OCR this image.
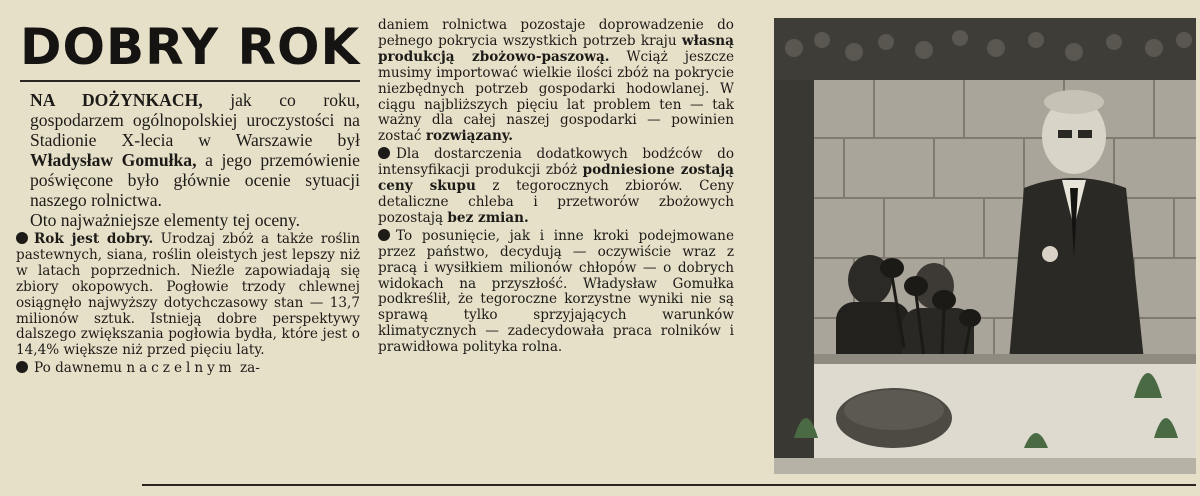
DOBRY ROK

NA DOŻYNKACH, jak co roku, gospodarzem ogólnopolskiej uroczystości na Stadionie X-lecia w Warszawie był Władysław Gomułka, a jego przemówienie poświęcone było głównie ocenie sytuacji naszego rolnictwa.

Oto najważniejsze elementy tej oceny.

Rok jest dobry. Urodzaj zbóż a także roślin pastewnych, siana, roślin oleistych jest lepszy niż w latach poprzednich. Nieźle zapowiadają się zbiory okopowych. Pogłowie trzody chlewnej osiągnęło najwyższy dotychczasowy stan — 13,7 milionów sztuk. Istnieją dobre perspektywy dalszego zwiększania pogłowia bydła, które jest o 14,4% większe niż przed pięciu laty.

Po dawnemu naczelnym za-

daniem rolnictwa pozostaje doprowadzenie do pełnego pokrycia wszystkich potrzeb kraju własną produkcją zbożowo-paszową. Wciąż jeszcze musimy importować wielkie ilości zbóż na pokrycie niezbędnych potrzeb gospodarki hodowlanej. W ciągu najbliższych pięciu lat problem ten — tak ważny dla całej naszej gospodarki — powinien zostać rozwiązany.

Dla dostarczenia dodatkowych bodźców do intensyfikacji produkcji zbóż podniesione zostają ceny skupu z tegorocznych zbiorów. Ceny detaliczne chleba i przetworów zbożowych pozostają bez zmian.

To posunięcie, jak i inne kroki podejmowane przez państwo, decydują — oczywiście wraz z pracą i wysiłkiem milionów chłopów — o dobrych widokach na przyszłość. Władysław Gomułka podkreślił, że tegoroczne korzystne wyniki nie są sprawą tylko sprzyjających warunków klimatycznych — zadecydowała praca rolników i prawidłowa polityka rolna.
